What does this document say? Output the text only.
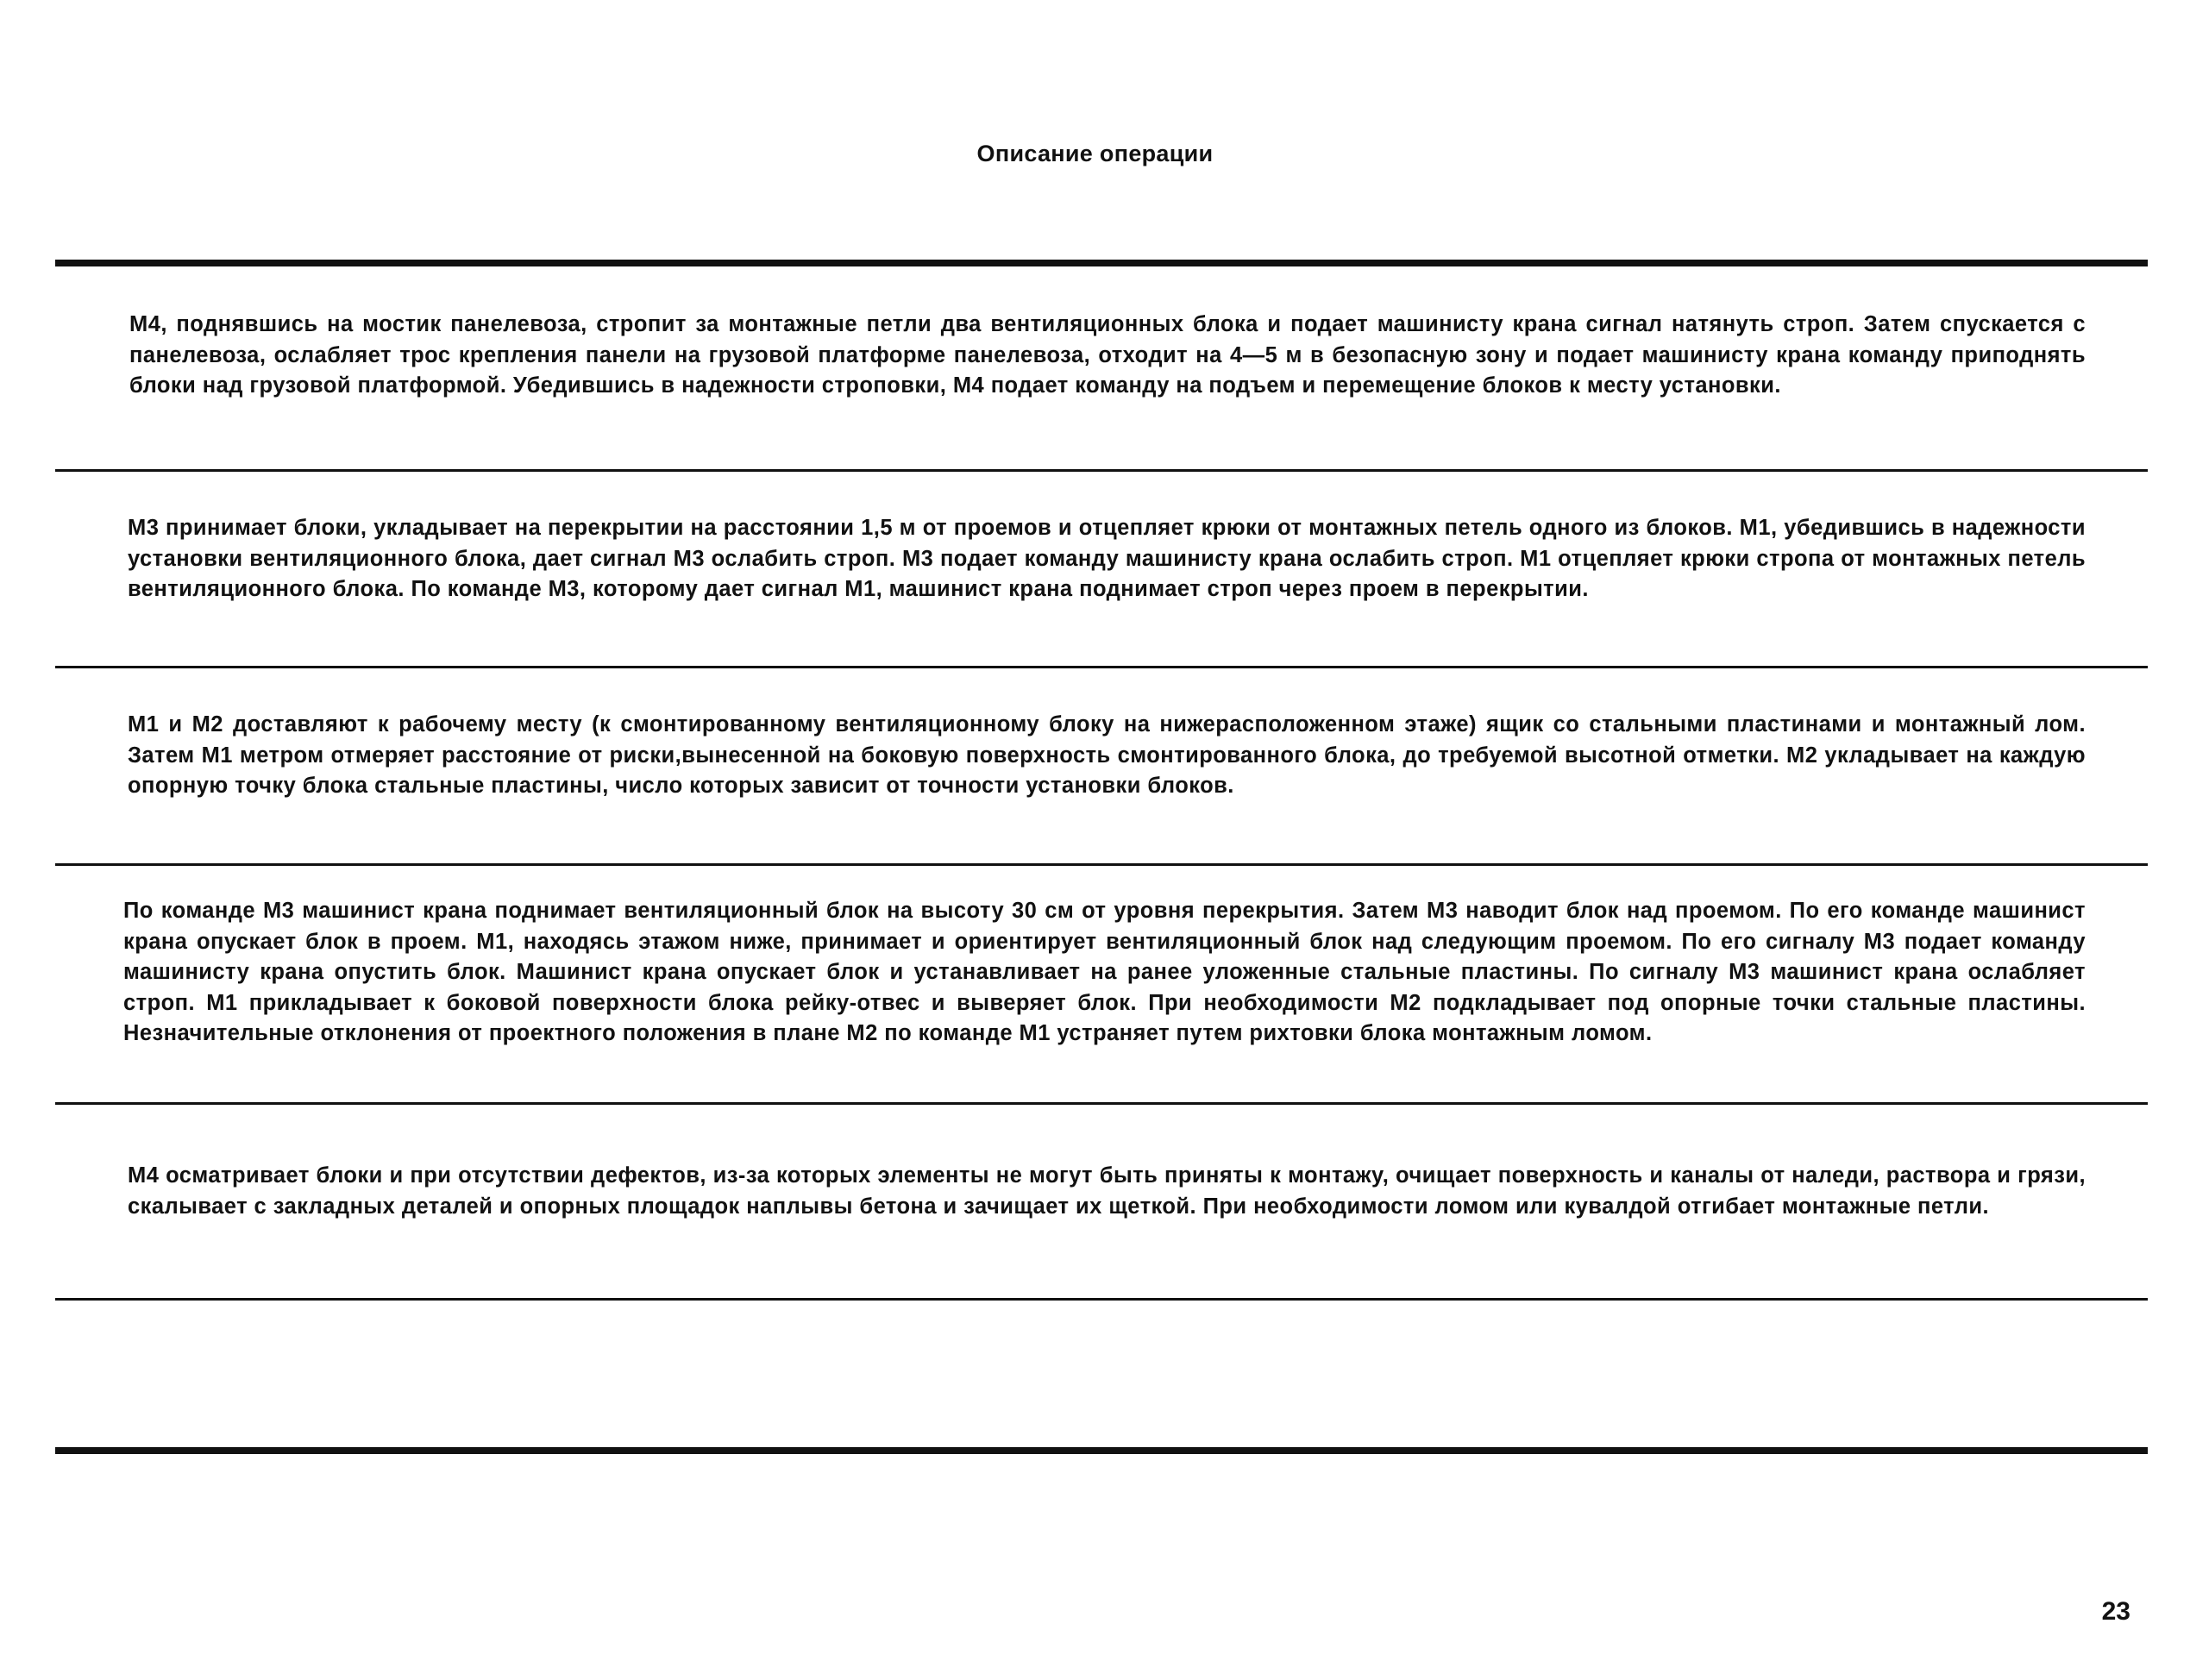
Описание операции

М4, поднявшись на мостик панелевоза, стропит за монтажные петли два вентиляционных блока и подает машинисту крана сигнал натянуть строп. Затем спускается с панелевоза, ослабляет трос крепления панели на грузовой платформе панелевоза, отходит на 4—5 м в безопасную зону и подает машинисту крана команду приподнять блоки над грузовой платформой. Убедившись в надежности строповки, М4 подает команду на подъем и перемещение блоков к месту установки.

М3 принимает блоки, укладывает на перекрытии на расстоянии 1,5 м от проемов и отцепляет крюки от монтажных петель одного из блоков. М1, убедившись в надежности установки вентиляционного блока, дает сигнал М3 ослабить строп. М3 подает команду машинисту крана ослабить строп. М1 отцепляет крюки стропа от монтажных петель вентиляционного блока. По команде М3, которому дает сигнал М1, машинист крана поднимает строп через проем в перекрытии.

М1 и М2 доставляют к рабочему месту (к смонтированному вентиляционному блоку на нижерасположенном этаже) ящик со стальными пластинами и монтажный лом. Затем М1 метром отмеряет расстояние от риски,вынесенной на боковую поверхность смонтированного блока, до требуемой высотной отметки. М2 укладывает на каждую опорную точку блока стальные пластины, число которых зависит от точности установки блоков.

По команде М3 машинист крана поднимает вентиляционный блок на высоту 30 см от уровня перекрытия. Затем М3 наводит блок над проемом. По его команде машинист крана опускает блок в проем. М1, находясь этажом ниже, принимает и ориентирует вентиляционный блок над следующим проемом. По его сигналу М3 подает команду машинисту крана опустить блок. Машинист крана опускает блок и устанавливает на ранее уложенные стальные пластины. По сигналу М3 машинист крана ослабляет строп. М1 прикладывает к боковой поверхности блока рейку-отвес и выверяет блок. При необходимости М2 подкладывает под опорные точки стальные пластины. Незначительные отклонения от проектного положения в плане М2 по команде М1 устраняет путем рихтовки блока монтажным ломом.

М4 осматривает блоки и при отсутствии дефектов, из-за которых элементы не могут быть приняты к монтажу, очищает поверхность и каналы от наледи, раствора и грязи, скалывает с закладных деталей и опорных площадок наплывы бетона и зачищает их щеткой. При необходимости ломом или кувалдой отгибает монтажные петли.

23
